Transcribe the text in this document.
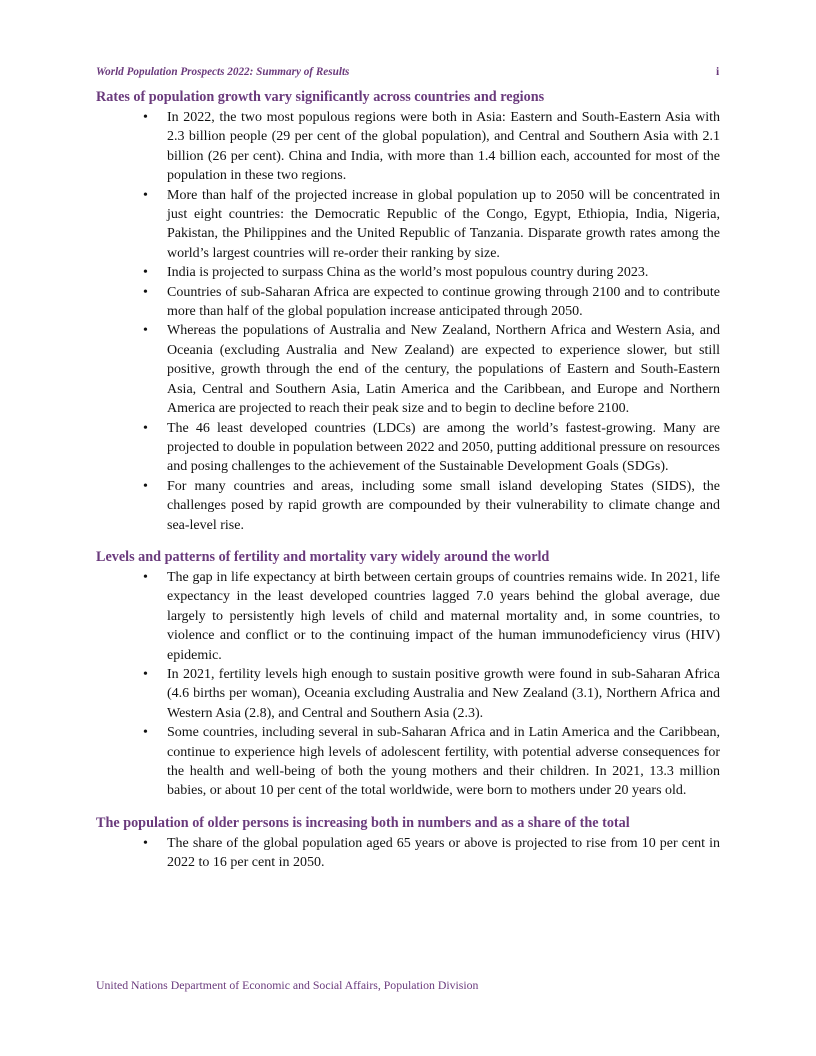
World Population Prospects 2022: Summary of Results	i
Rates of population growth vary significantly across countries and regions
• In 2022, the two most populous regions were both in Asia: Eastern and South-Eastern Asia with 2.3 billion people (29 per cent of the global population), and Central and Southern Asia with 2.1 billion (26 per cent). China and India, with more than 1.4 billion each, accounted for most of the population in these two regions.
• More than half of the projected increase in global population up to 2050 will be concentrated in just eight countries: the Democratic Republic of the Congo, Egypt, Ethiopia, India, Nigeria, Pakistan, the Philippines and the United Republic of Tanzania. Disparate growth rates among the world’s largest countries will re-order their ranking by size.
• India is projected to surpass China as the world’s most populous country during 2023.
• Countries of sub-Saharan Africa are expected to continue growing through 2100 and to contribute more than half of the global population increase anticipated through 2050.
• Whereas the populations of Australia and New Zealand, Northern Africa and Western Asia, and Oceania (excluding Australia and New Zealand) are expected to experience slower, but still positive, growth through the end of the century, the populations of Eastern and South-Eastern Asia, Central and Southern Asia, Latin America and the Caribbean, and Europe and Northern America are projected to reach their peak size and to begin to decline before 2100.
• The 46 least developed countries (LDCs) are among the world’s fastest-growing. Many are projected to double in population between 2022 and 2050, putting additional pressure on resources and posing challenges to the achievement of the Sustainable Development Goals (SDGs).
• For many countries and areas, including some small island developing States (SIDS), the challenges posed by rapid growth are compounded by their vulnerability to climate change and sea-level rise.
Levels and patterns of fertility and mortality vary widely around the world
• The gap in life expectancy at birth between certain groups of countries remains wide. In 2021, life expectancy in the least developed countries lagged 7.0 years behind the global average, due largely to persistently high levels of child and maternal mortality and, in some countries, to violence and conflict or to the continuing impact of the human immunodeficiency virus (HIV) epidemic.
• In 2021, fertility levels high enough to sustain positive growth were found in sub-Saharan Africa (4.6 births per woman), Oceania excluding Australia and New Zealand (3.1), Northern Africa and Western Asia (2.8), and Central and Southern Asia (2.3).
• Some countries, including several in sub-Saharan Africa and in Latin America and the Caribbean, continue to experience high levels of adolescent fertility, with potential adverse consequences for the health and well-being of both the young mothers and their children. In 2021, 13.3 million babies, or about 10 per cent of the total worldwide, were born to mothers under 20 years old.
The population of older persons is increasing both in numbers and as a share of the total
• The share of the global population aged 65 years or above is projected to rise from 10 per cent in 2022 to 16 per cent in 2050.
United Nations Department of Economic and Social Affairs, Population Division
